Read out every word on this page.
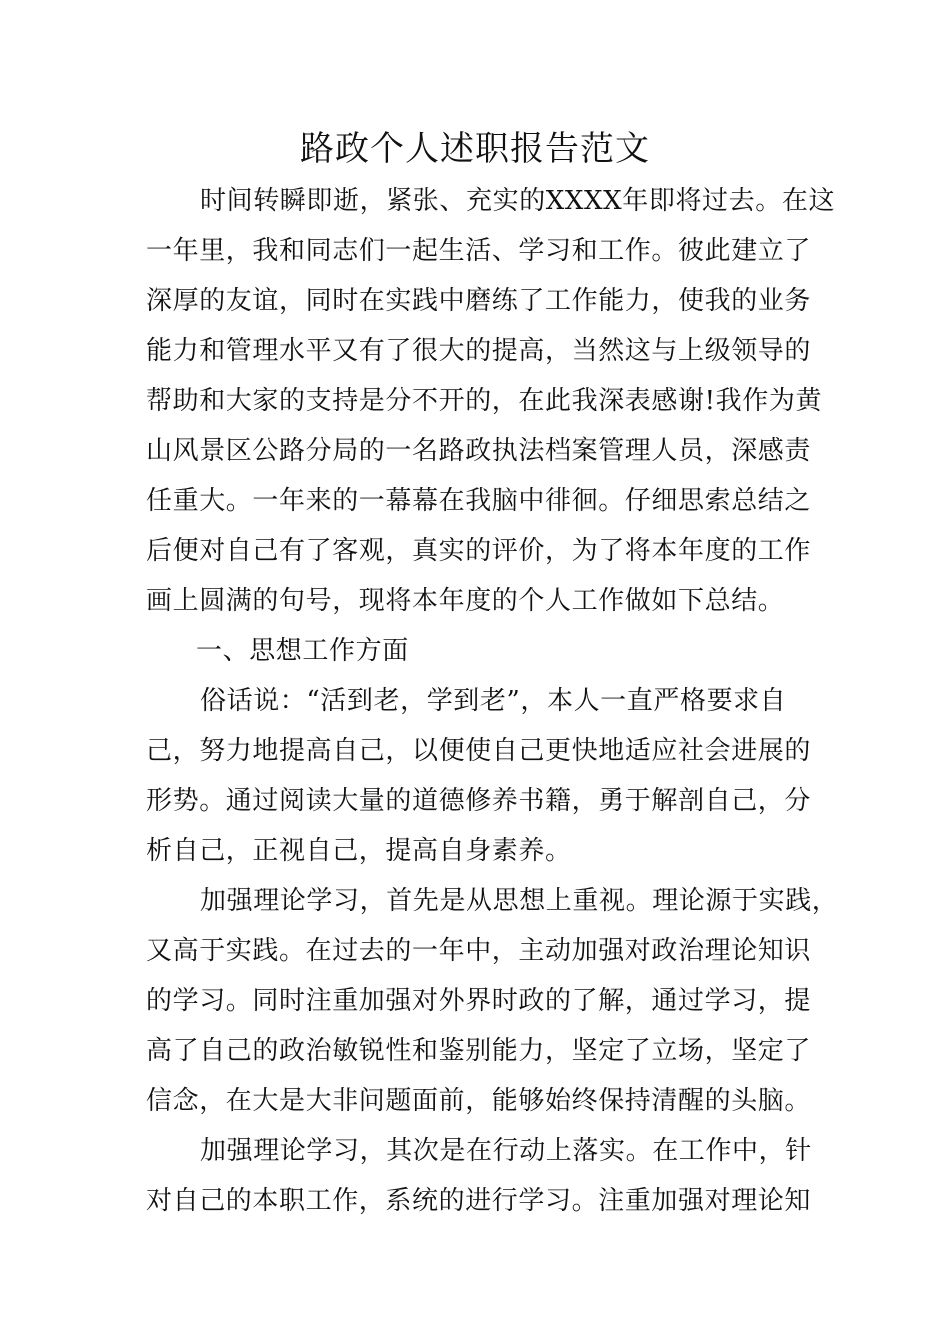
路政个人述职报告范文
时间转瞬即逝，紧张、充实的XXXX年即将过去。在这
一年里，我和同志们一起生活、学习和工作。彼此建立了
深厚的友谊，同时在实践中磨练了工作能力，使我的业务
能力和管理水平又有了很大的提高，当然这与上级领导的
帮助和大家的支持是分不开的，在此我深表感谢!我作为黄
山风景区公路分局的一名路政执法档案管理人员，深感责
任重大。一年来的一幕幕在我脑中徘徊。仔细思索总结之
后便对自己有了客观，真实的评价，为了将本年度的工作
画上圆满的句号，现将本年度的个人工作做如下总结。
一、思想工作方面
俗话说：“活到老，学到老”，本人一直严格要求自
己，努力地提高自己，以便使自己更快地适应社会进展的
形势。通过阅读大量的道德修养书籍，勇于解剖自己，分
析自己，正视自己，提高自身素养。
加强理论学习，首先是从思想上重视。理论源于实践，
又高于实践。在过去的一年中，主动加强对政治理论知识
的学习。同时注重加强对外界时政的了解，通过学习，提
高了自己的政治敏锐性和鉴别能力，坚定了立场，坚定了
信念，在大是大非问题面前，能够始终保持清醒的头脑。
加强理论学习，其次是在行动上落实。在工作中，针
对自己的本职工作，系统的进行学习。注重加强对理论知
